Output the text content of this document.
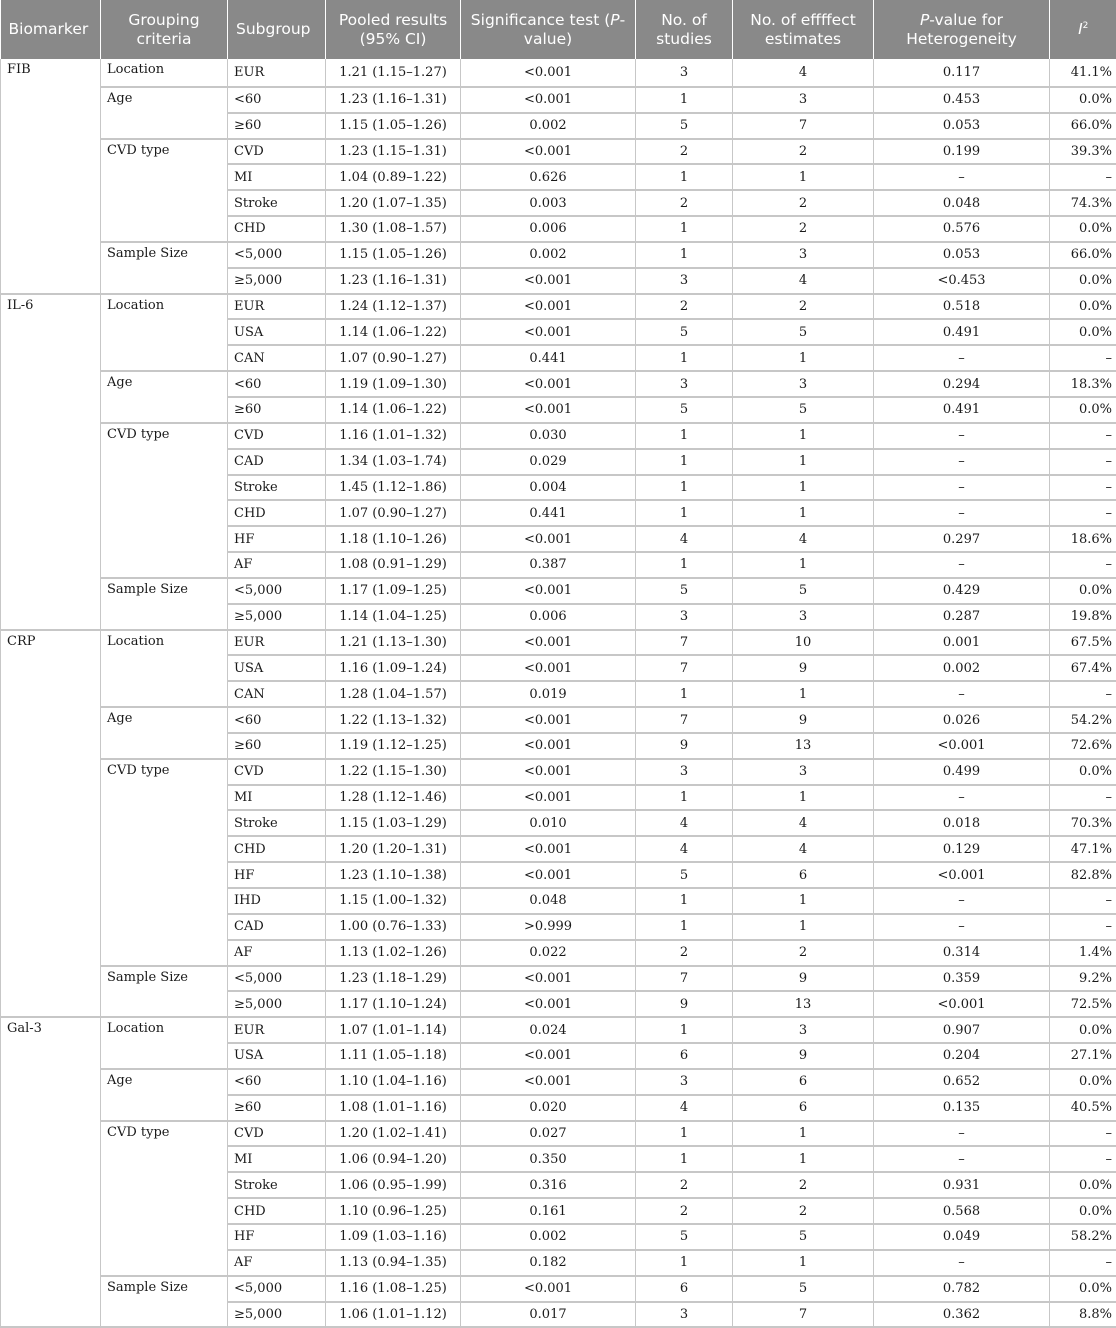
Biomarker	Grouping criteria	Subgroup	Pooled results (95% CI)	Significance test (P-value)	No. of studies	No. of effffect estimates	P-value for Heterogeneity	$I^2$
FIB	Location	EUR	1.21 (1.15–1.27)	<0.001	3	4	0.117	41.1%
	Age	<60	1.23 (1.16–1.31)	<0.001	1	3	0.453	0.0%
		≥60	1.15 (1.05–1.26)	0.002	5	7	0.053	66.0%
	CVD type	CVD	1.23 (1.15–1.31)	<0.001	2	2	0.199	39.3%
		MI	1.04 (0.89–1.22)	0.626	1	1	–	–
		Stroke	1.20 (1.07–1.35)	0.003	2	2	0.048	74.3%
		CHD	1.30 (1.08–1.57)	0.006	1	2	0.576	0.0%
	Sample Size	<5,000	1.15 (1.05–1.26)	0.002	1	3	0.053	66.0%
		≥5,000	1.23 (1.16–1.31)	<0.001	3	4	<0.453	0.0%
IL-6	Location	EUR	1.24 (1.12–1.37)	<0.001	2	2	0.518	0.0%
		USA	1.14 (1.06–1.22)	<0.001	5	5	0.491	0.0%
		CAN	1.07 (0.90–1.27)	0.441	1	1	–	–
	Age	<60	1.19 (1.09–1.30)	<0.001	3	3	0.294	18.3%
		≥60	1.14 (1.06–1.22)	<0.001	5	5	0.491	0.0%
	CVD type	CVD	1.16 (1.01–1.32)	0.030	1	1	–	–
		CAD	1.34 (1.03–1.74)	0.029	1	1	–	–
		Stroke	1.45 (1.12–1.86)	0.004	1	1	–	–
		CHD	1.07 (0.90–1.27)	0.441	1	1	–	–
		HF	1.18 (1.10–1.26)	<0.001	4	4	0.297	18.6%
		AF	1.08 (0.91–1.29)	0.387	1	1	–	–
	Sample Size	<5,000	1.17 (1.09–1.25)	<0.001	5	5	0.429	0.0%
		≥5,000	1.14 (1.04–1.25)	0.006	3	3	0.287	19.8%
CRP	Location	EUR	1.21 (1.13–1.30)	<0.001	7	10	0.001	67.5%
		USA	1.16 (1.09–1.24)	<0.001	7	9	0.002	67.4%
		CAN	1.28 (1.04–1.57)	0.019	1	1	–	–
	Age	<60	1.22 (1.13–1.32)	<0.001	7	9	0.026	54.2%
		≥60	1.19 (1.12–1.25)	<0.001	9	13	<0.001	72.6%
	CVD type	CVD	1.22 (1.15–1.30)	<0.001	3	3	0.499	0.0%
		MI	1.28 (1.12–1.46)	<0.001	1	1	–	–
		Stroke	1.15 (1.03–1.29)	0.010	4	4	0.018	70.3%
		CHD	1.20 (1.20–1.31)	<0.001	4	4	0.129	47.1%
		HF	1.23 (1.10–1.38)	<0.001	5	6	<0.001	82.8%
		IHD	1.15 (1.00–1.32)	0.048	1	1	–	–
		CAD	1.00 (0.76–1.33)	>0.999	1	1	–	–
		AF	1.13 (1.02–1.26)	0.022	2	2	0.314	1.4%
	Sample Size	<5,000	1.23 (1.18–1.29)	<0.001	7	9	0.359	9.2%
		≥5,000	1.17 (1.10–1.24)	<0.001	9	13	<0.001	72.5%
Gal-3	Location	EUR	1.07 (1.01–1.14)	0.024	1	3	0.907	0.0%
		USA	1.11 (1.05–1.18)	<0.001	6	9	0.204	27.1%
	Age	<60	1.10 (1.04–1.16)	<0.001	3	6	0.652	0.0%
		≥60	1.08 (1.01–1.16)	0.020	4	6	0.135	40.5%
	CVD type	CVD	1.20 (1.02–1.41)	0.027	1	1	–	–
		MI	1.06 (0.94–1.20)	0.350	1	1	–	–
		Stroke	1.06 (0.95–1.99)	0.316	2	2	0.931	0.0%
		CHD	1.10 (0.96–1.25)	0.161	2	2	0.568	0.0%
		HF	1.09 (1.03–1.16)	0.002	5	5	0.049	58.2%
		AF	1.13 (0.94–1.35)	0.182	1	1	–	–
	Sample Size	<5,000	1.16 (1.08–1.25)	<0.001	6	5	0.782	0.0%
		≥5,000	1.06 (1.01–1.12)	0.017	3	7	0.362	8.8%
